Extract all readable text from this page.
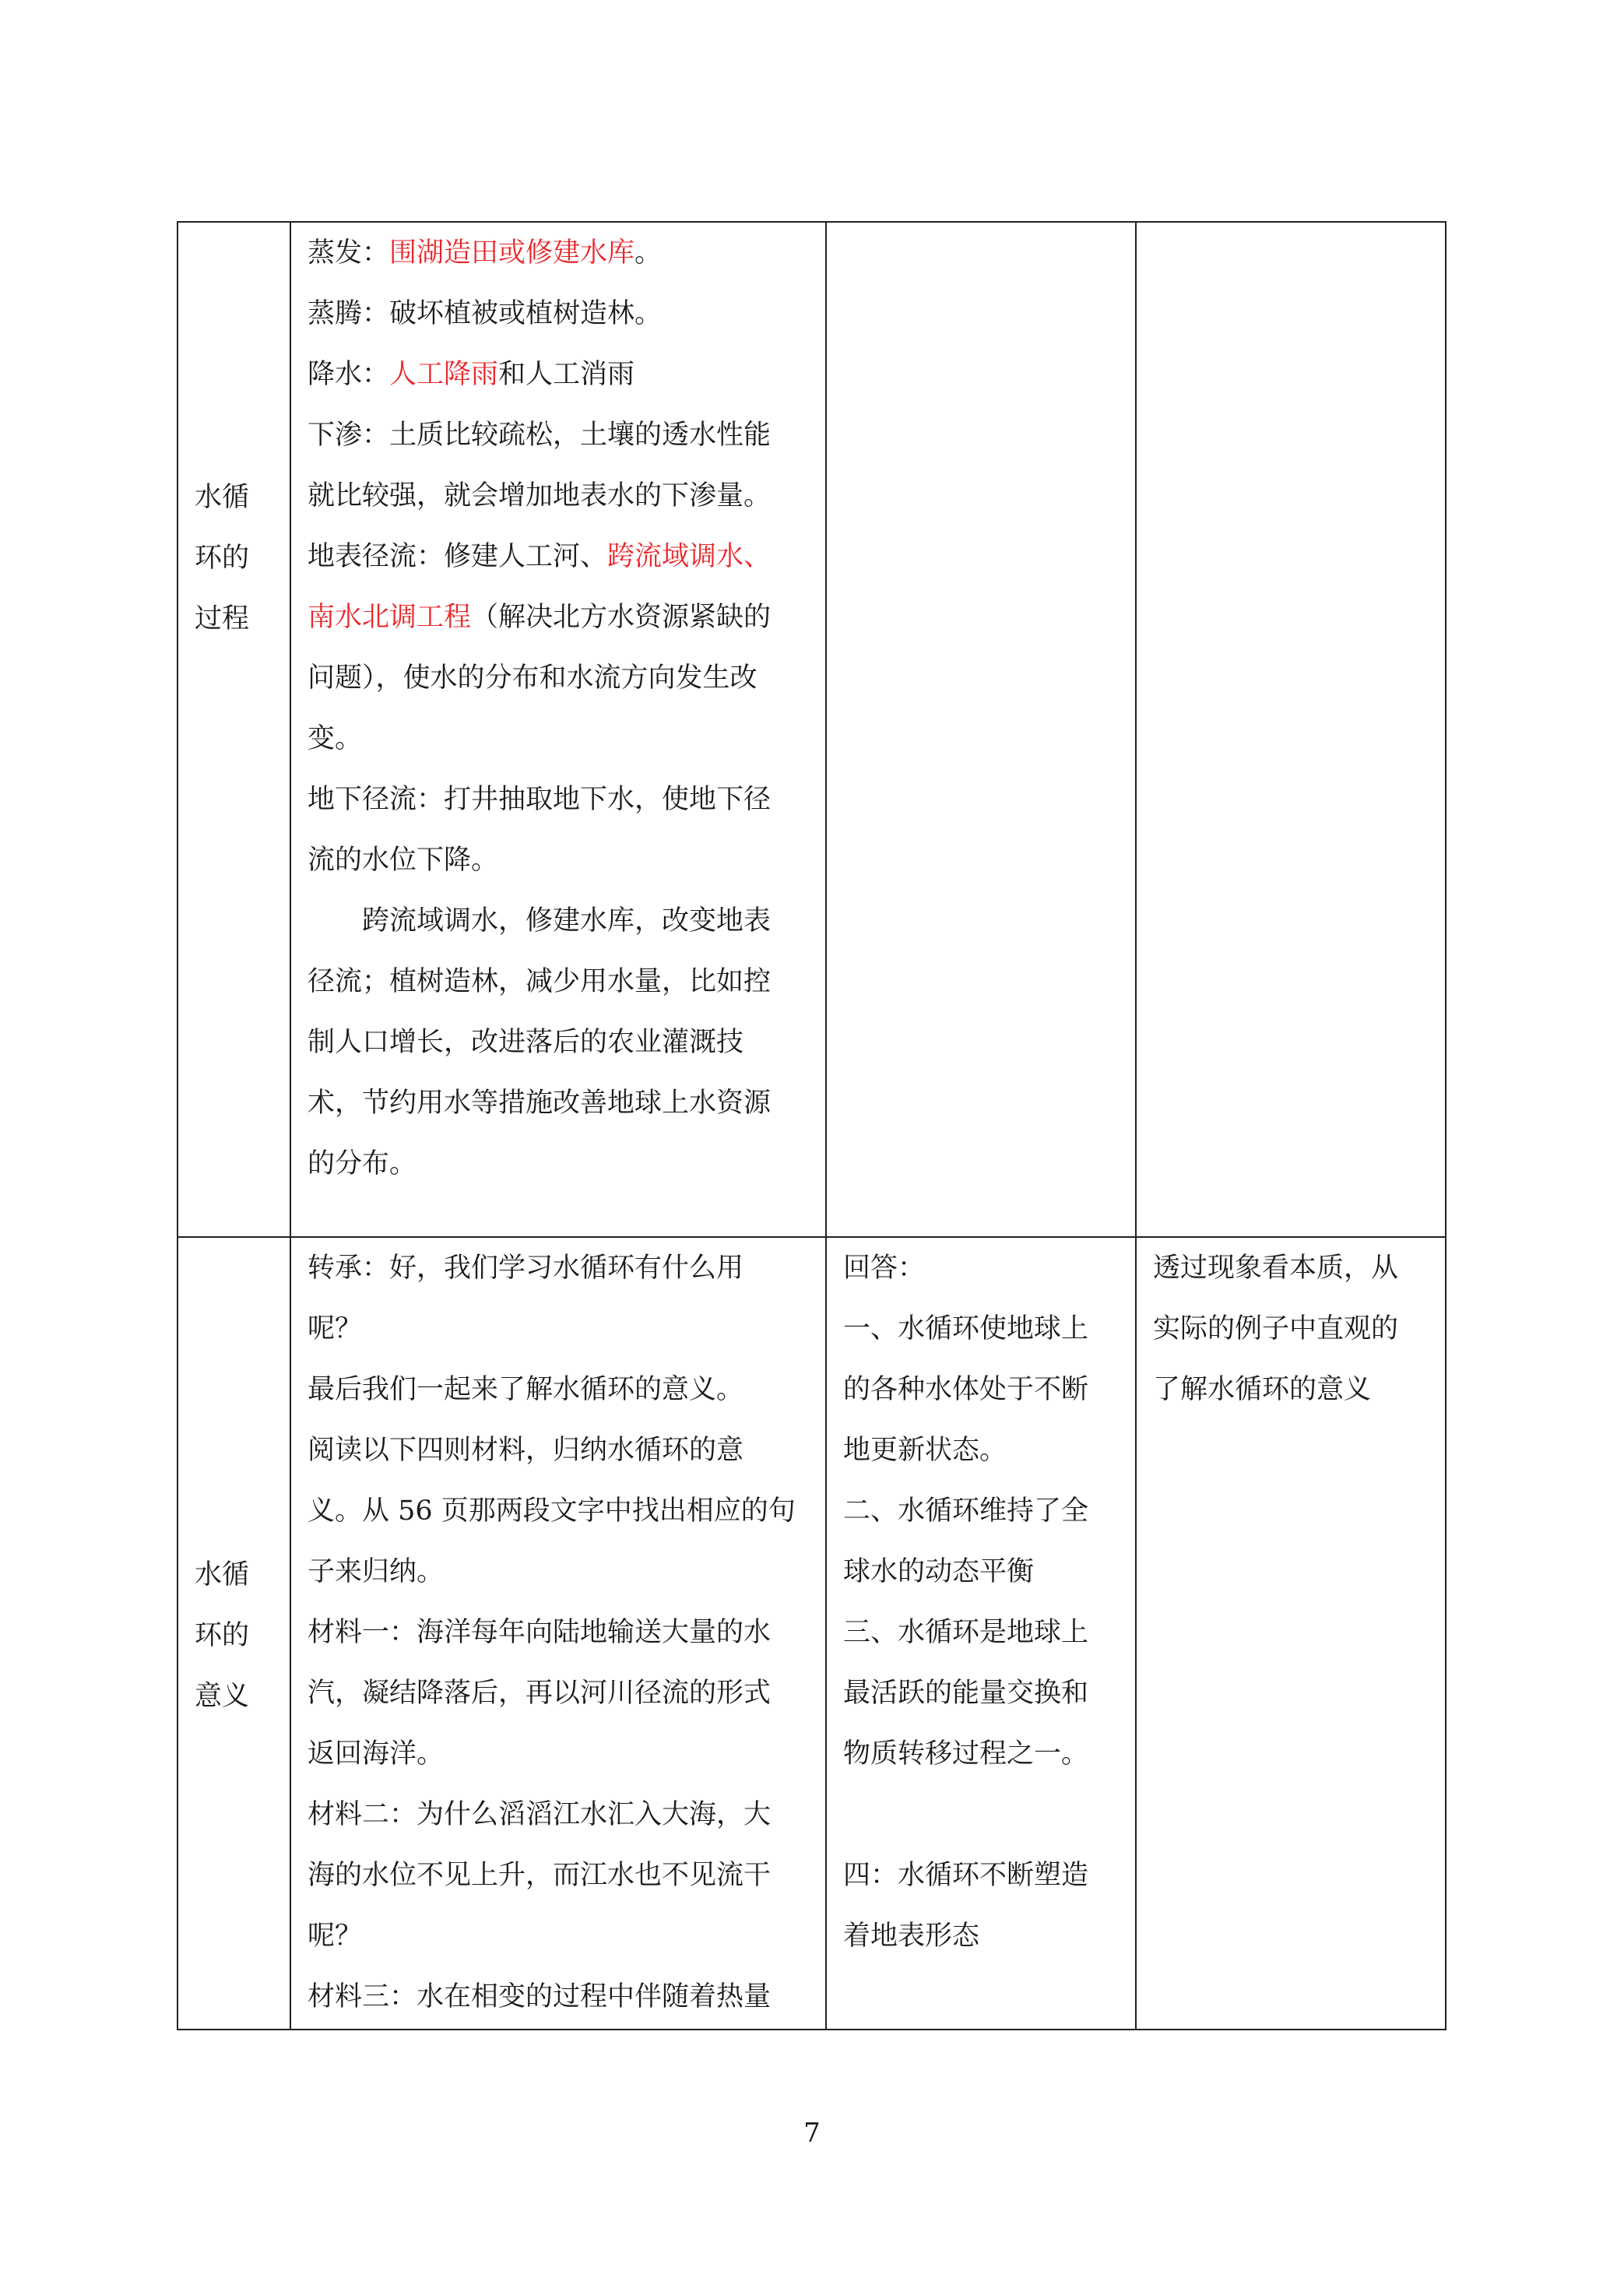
水循

环的

过程

蒸发：围湖造田或修建水库。

蒸腾：破坏植被或植树造林。

降水：人工降雨和人工消雨

下渗：土质比较疏松，土壤的透水性能

就比较强，就会增加地表水的下渗量。

地表径流：修建人工河、跨流域调水、

南水北调工程（解决北方水资源紧缺的

问题），使水的分布和水流方向发生改

变。

地下径流：打井抽取地下水，使地下径

流的水位下降。

　　跨流域调水，修建水库，改变地表

径流；植树造林，减少用水量，比如控

制人口增长，改进落后的农业灌溉技

术，节约用水等措施改善地球上水资源

的分布。

水循

环的

意义

转承：好，我们学习水循环有什么用

呢？

最后我们一起来了解水循环的意义。

阅读以下四则材料，归纳水循环的意

义。从 56 页那两段文字中找出相应的句

子来归纳。

材料一：海洋每年向陆地输送大量的水

汽，凝结降落后，再以河川径流的形式

返回海洋。

材料二：为什么滔滔江水汇入大海，大

海的水位不见上升，而江水也不见流干

呢？

材料三：水在相变的过程中伴随着热量

回答：

一、水循环使地球上

的各种水体处于不断

地更新状态。

二、水循环维持了全

球水的动态平衡

三、水循环是地球上

最活跃的能量交换和

物质转移过程之一。

四：水循环不断塑造

着地表形态

透过现象看本质，从

实际的例子中直观的

了解水循环的意义

7
